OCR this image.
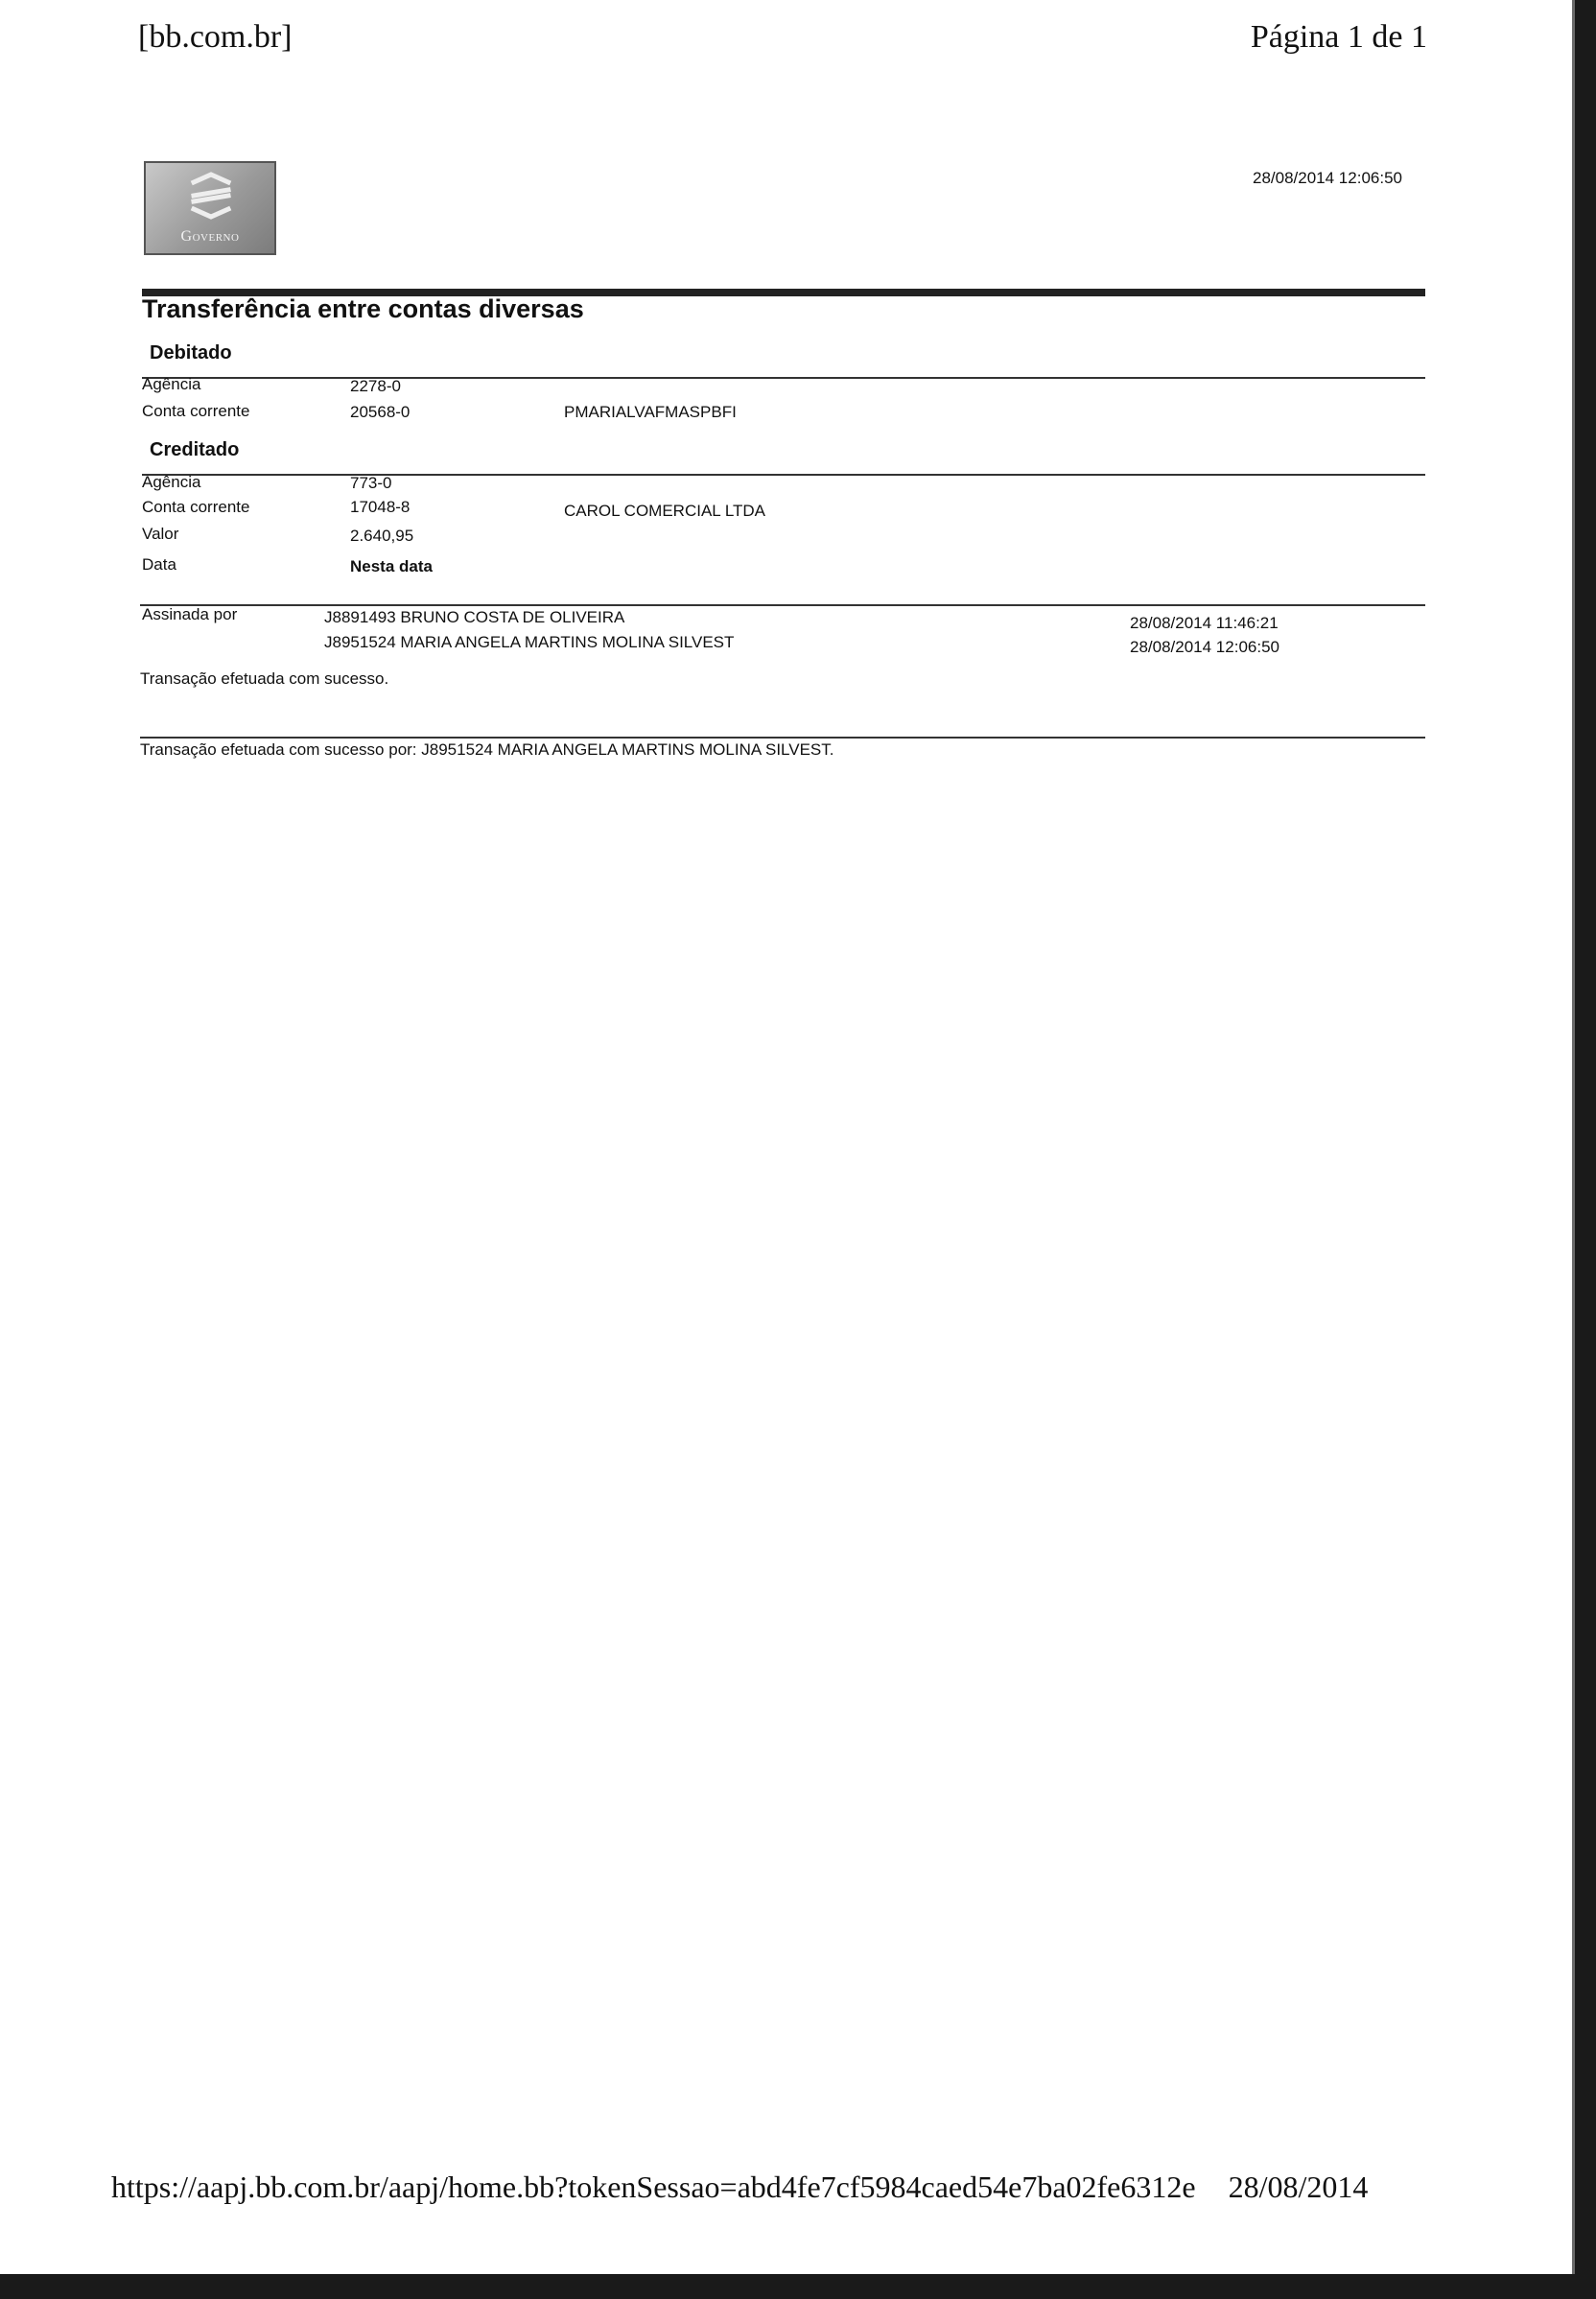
[bb.com.br]	Página 1 de 1
Governo
28/08/2014 12:06:50
Transferência entre contas diversas
Debitado
Agência	2278-0
Conta corrente	20568-0	PMARIALVAFMASPBFI
Creditado
Agência	773-0
Conta corrente	17048-8	CAROL COMERCIAL LTDA
Valor	2.640,95
Data	Nesta data
Assinada por	J8891493 BRUNO COSTA DE OLIVEIRA	28/08/2014 11:46:21
J8951524 MARIA ANGELA MARTINS MOLINA SILVEST	28/08/2014 12:06:50
Transação efetuada com sucesso.
Transação efetuada com sucesso por: J8951524 MARIA ANGELA MARTINS MOLINA SILVEST.
https://aapj.bb.com.br/aapj/home.bb?tokenSessao=abd4fe7cf5984caed54e7ba02fe6312e 28/08/2014
